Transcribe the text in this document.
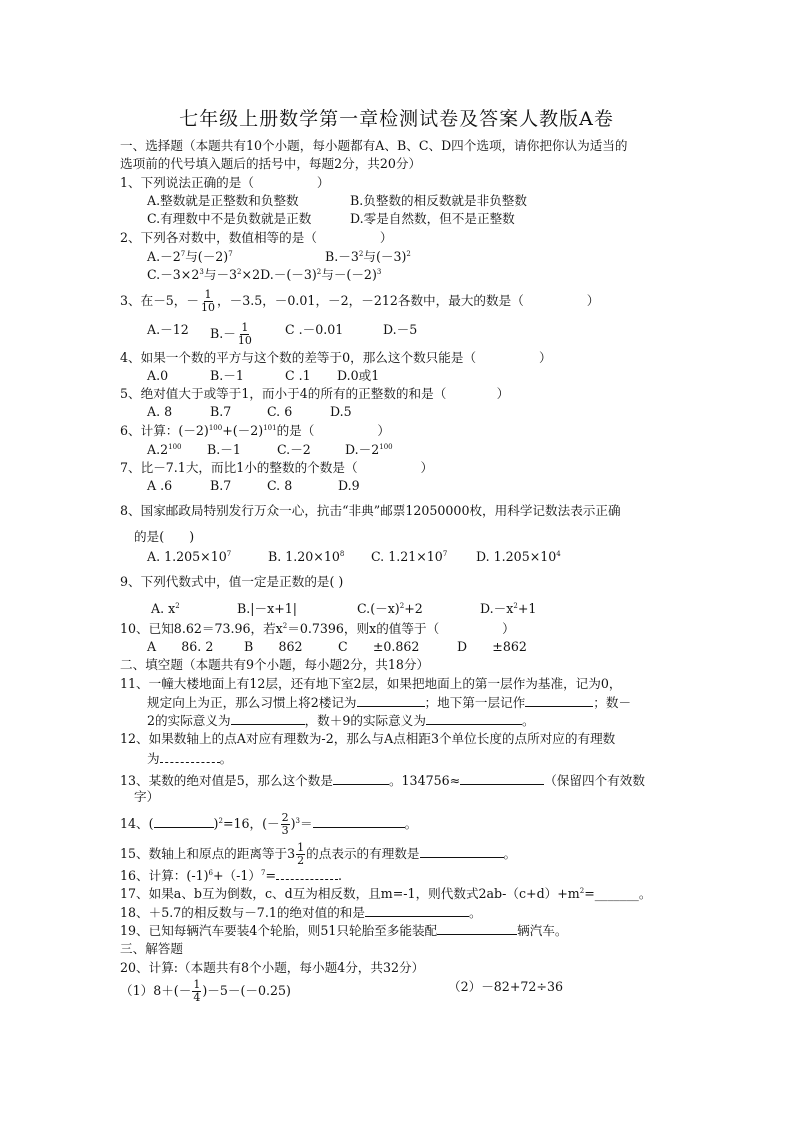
七年级上册数学第一章检测试卷及答案人教版A卷
一、选择题（本题共有10个小题，每小题都有A、B、C、D四个选项，请你把你认为适当的
选项前的代号填入题后的括号中，每题2分，共20分）
1、下列说法正确的是（　　　　　）
A.整数就是正整数和负整数	B.负整数的相反数就是非负整数
C.有理数中不是负数就是正数	D.零是自然数，但不是正整数
2、下列各对数中，数值相等的是（　　　　　）
$A.-2^7$与$(-2)^7$	$B.-3^2$与$(-3)^2$
$C.-3\times 2^3$与$-3^2\times 2D.-(-3)^2$与$-(-2)^3$
3、在－5，－ $\frac{1}{10}$ ，－3.5，－0.01，－2，－212各数中，最大的数是（　　　　　）
A.－12 $B.- \frac{1}{10}$	C .－0.01	D.－5
4、如果一个数的平方与这个数的差等于0，那么这个数只能是（　　　　　）
A.0	B.－1	C .1 D.0或1
5、绝对值大于或等于1，而小于4的所有的正整数的和是（　　　　）
A. 8	B.7	C. 6	D.5
6、计算：$(-2)^{100}+(-2)^{101}$的是（　　　　　）
$A.2^{100}$ B.－1	C.－2	$D.-2^{100}$
7、比－7.1大，而比1小的整数的个数是（　　　　　）
A .6	B.7	C. 8	D.9
8、国家邮政局特别发行万众一心，抗击“非典”邮票12050000枚，用科学记数法表示正确
的是(　　)
A. $1.205\times 10^7$	B. $1.20\times 10^8$ C. $1.21\times 10^7$ D. $1.205\times 10^4$
9、下列代数式中，值一定是正数的是( )
A. $x^2$	B.|－x+1|	$C.(-x)^2+2$	$D.-x^2+1$
10、已知8.62＝73.96，若$x^2=0.7396$，则x的值等于（　　　　　）
A　　86. 2 B　　862	C　　±0.862	D　　±862
二、填空题（本题共有9个小题，每小题2分，共18分）
11、一幢大楼地面上有12层，还有地下室2层，如果把地面上的第一层作为基准，记为0，
规定向上为正，那么习惯上将2楼记为	；地下第一层记作	；数－
2的实际意义为	，数＋9的实际意义为	。
12、如果数轴上的点A对应有理数为-2，那么与A点相距3个单位长度的点所对应的有理数
为	。
13、某数的绝对值是5，那么这个数是	。134756≈	（保留四个有效数
字）
14、(	)$^2$=16，(－ $\frac{2}{3} )^3=$	。
15、数轴上和原点的距离等于$3 \frac{1}{2}$ 的点表示的有理数是	。
16、计算：$(-1)^6+(-1)^7=$	.
17、如果a、b互为倒数，c、d互为相反数，且m=-1，则代数式$2ab-(c+d)+m^2=\_\_\_\_\_\_\_$。
18、＋5.7的相反数与－7.1的绝对值的和是	。
19、已知每辆汽车要装4个轮胎，则51只轮胎至多能装配	辆汽车。
三、解答题
20、计算:（本题共有8个小题，每小题4分，共32分）
$(1)8+(- \frac{1}{4} )-5-(-0.25)$	（2）－82+72÷36
